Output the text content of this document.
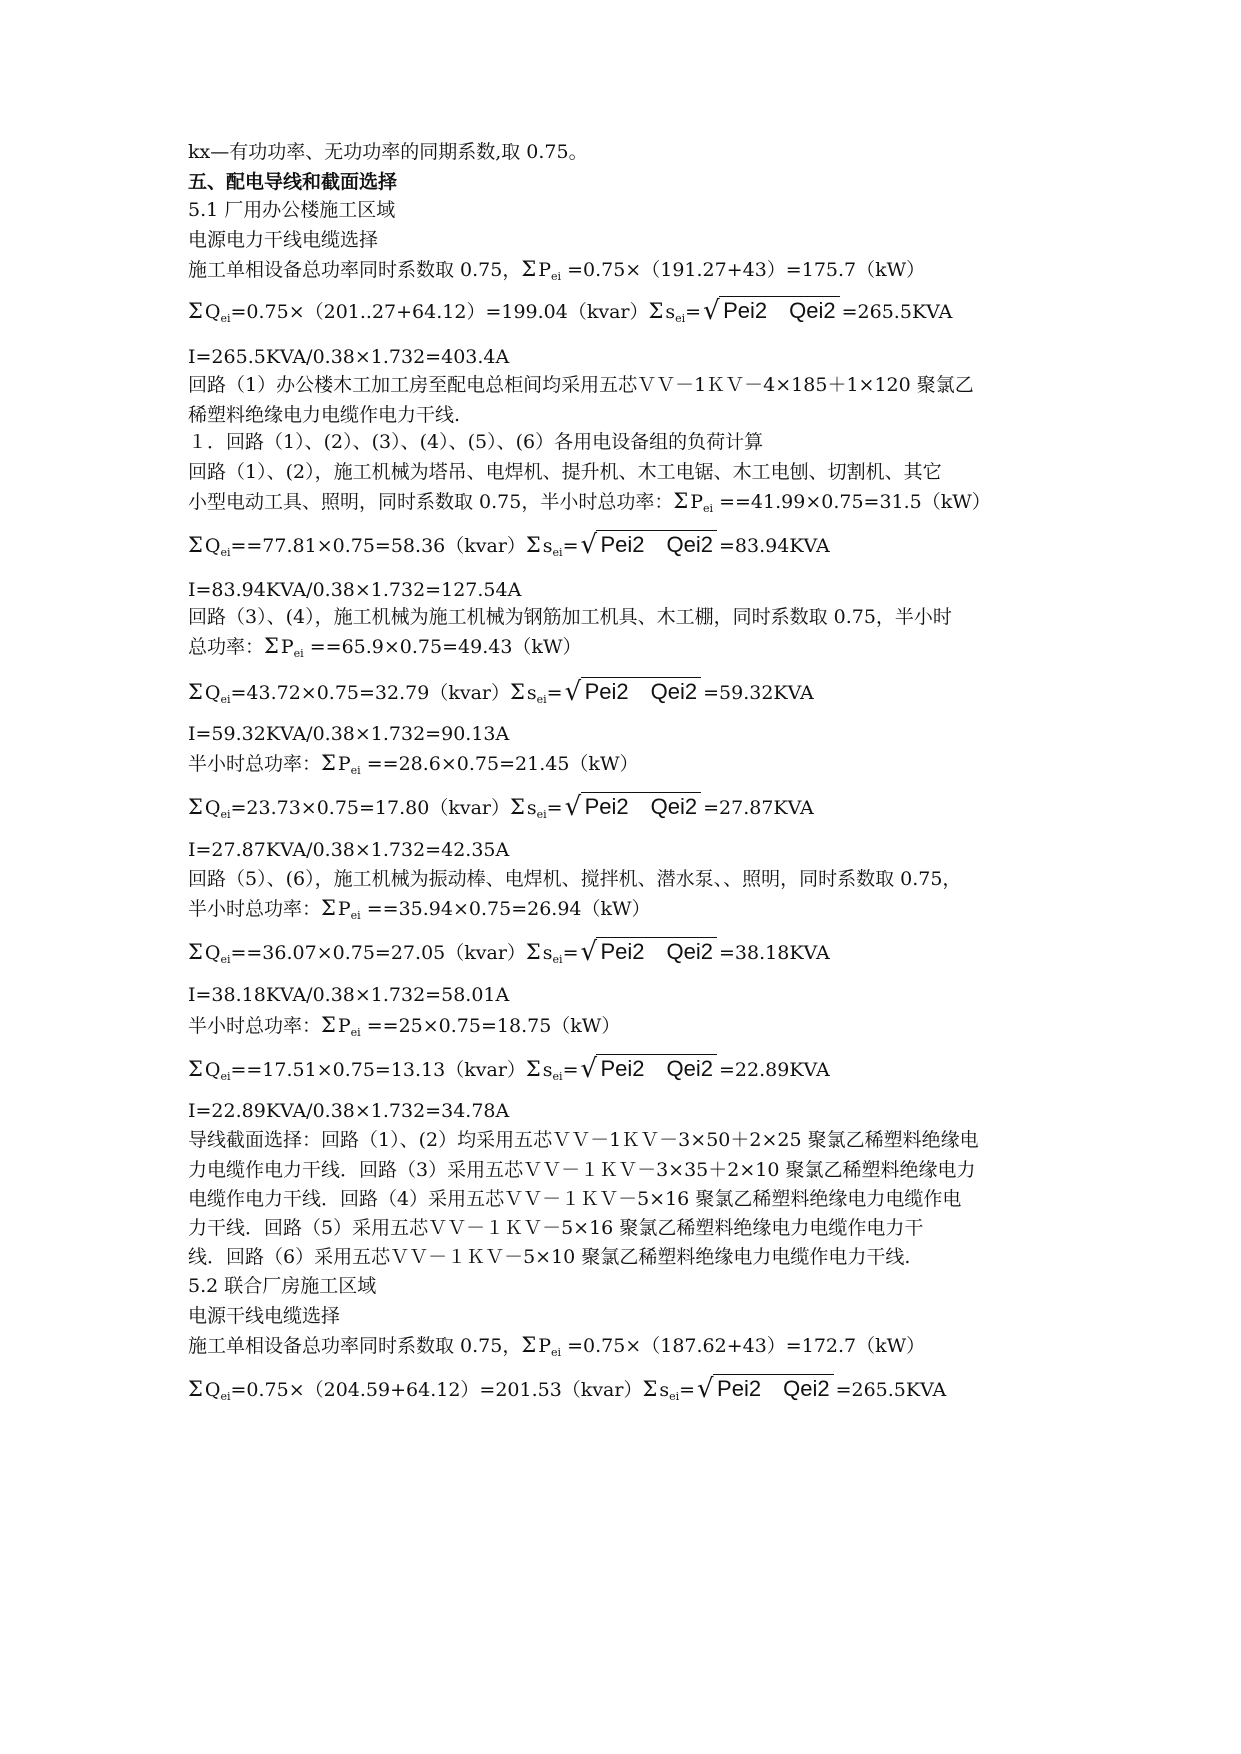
kx—有功功率、无功功率的同期系数,取 0.75。
五、配电导线和截面选择
5.1 厂用办公楼施工区域
电源电力干线电缆选择
施工单相设备总功率同时系数取 0.75，Σ $P_{ei} =0.75\times(191.27+43)=175.7(kW)$
Σ $Q_{ei}=0.75\times(201..27+64.12)=199.04(kvar)\Sigma$ $s_{ei}=$ √ Pei2 Qei2 =265.5KVA
I=265.5KVA/0.38×1.732=403.4A
回路（1）办公楼木工加工房至配电总柜间均采用五芯ＶＶ－1ＫＶ－4×185＋1×120 聚氯乙
稀塑料绝缘电力电缆作电力干线.
１．回路（1）、(2）、(3）、(4）、(5）、(6）各用电设备组的负荷计算
回路（1）、(2），施工机械为塔吊、电焊机、提升机、木工电锯、木工电刨、切割机、其它
小型电动工具、照明，同时系数取 0.75，半小时总功率：Σ $P_{ei} ==41.99\times 0.75=31.5(kW)$
Σ $Q_{ei}==77.81\times 0.75=58.36(kvar)\Sigma$ $s_{ei}=$ √ Pei2 Qei2 =83.94KVA
I=83.94KVA/0.38×1.732=127.54A
回路（3）、(4），施工机械为施工机械为钢筋加工机具、木工棚，同时系数取 0.75，半小时
总功率：Σ $P_{ei} ==65.9\times 0.75=49.43(kW)$
Σ $Q_{ei}=43.72\times 0.75=32.79(kvar)\Sigma$ $s_{ei}=$ √ Pei2 Qei2 =59.32KVA
I=59.32KVA/0.38×1.732=90.13A
半小时总功率：Σ $P_{ei} ==28.6\times 0.75=21.45(kW)$
Σ $Q_{ei}=23.73\times 0.75=17.80(kvar)\Sigma$ $s_{ei}=$ √ Pei2 Qei2 =27.87KVA
I=27.87KVA/0.38×1.732=42.35A
回路（5）、(6），施工机械为振动棒、电焊机、搅拌机、潜水泵、、照明，同时系数取 0.75，
半小时总功率：Σ $P_{ei} ==35.94\times 0.75=26.94(kW)$
Σ $Q_{ei}==36.07\times 0.75=27.05(kvar)\Sigma$ $s_{ei}=$ √ Pei2 Qei2 =38.18KVA
I=38.18KVA/0.38×1.732=58.01A
半小时总功率：Σ $P_{ei} ==25\times 0.75=18.75(kW)$
Σ $Q_{ei}==17.51\times 0.75=13.13(kvar)\Sigma$ $s_{ei}=$ √ Pei2 Qei2 =22.89KVA
I=22.89KVA/0.38×1.732=34.78A
导线截面选择：回路（1）、(2）均采用五芯ＶＶ－1ＫＶ－3×50＋2×25 聚氯乙稀塑料绝缘电
力电缆作电力干线．回路（3）采用五芯ＶＶ－１ＫＶ－3×35＋2×10 聚氯乙稀塑料绝缘电力
电缆作电力干线．回路（4）采用五芯ＶＶ－１ＫＶ－5×16 聚氯乙稀塑料绝缘电力电缆作电
力干线．回路（5）采用五芯ＶＶ－１ＫＶ－5×16 聚氯乙稀塑料绝缘电力电缆作电力干
线．回路（6）采用五芯ＶＶ－１ＫＶ－5×10 聚氯乙稀塑料绝缘电力电缆作电力干线.
5.2 联合厂房施工区域
电源干线电缆选择
施工单相设备总功率同时系数取 0.75，Σ $P_{ei} =0.75\times(187.62+43)=172.7(kW)$
Σ $Q_{ei}=0.75\times(204.59+64.12)=201.53(kvar)\Sigma$ $s_{ei}=$ √ Pei2 Qei2 =265.5KVA
